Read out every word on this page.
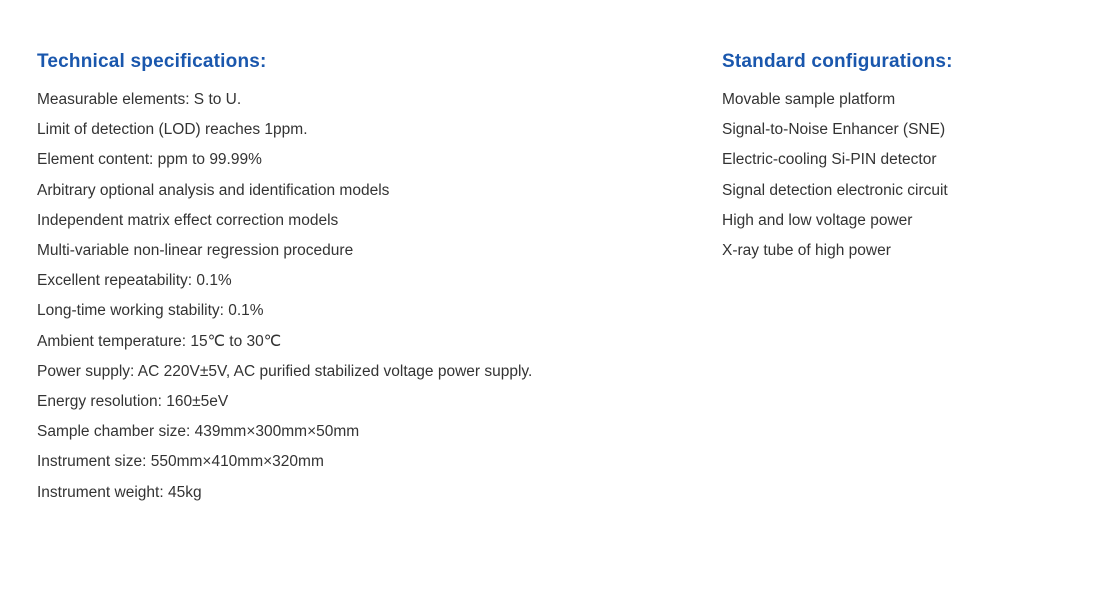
Technical specifications:
Measurable elements: S to U.
Limit of detection (LOD) reaches 1ppm.
Element content: ppm to 99.99%
Arbitrary optional analysis and identification models
Independent matrix effect correction models
Multi-variable non-linear regression procedure
Excellent repeatability: 0.1%
Long-time working stability: 0.1%
Ambient temperature: 15℃ to 30℃
Power supply: AC 220V±5V, AC purified stabilized voltage power supply.
Energy resolution: 160±5eV
Sample chamber size: 439mm×300mm×50mm
Instrument size: 550mm×410mm×320mm
Instrument weight: 45kg
Standard configurations:
Movable sample platform
Signal-to-Noise Enhancer (SNE)
Electric-cooling Si-PIN detector
Signal detection electronic circuit
High and low voltage power
X-ray tube of high power
